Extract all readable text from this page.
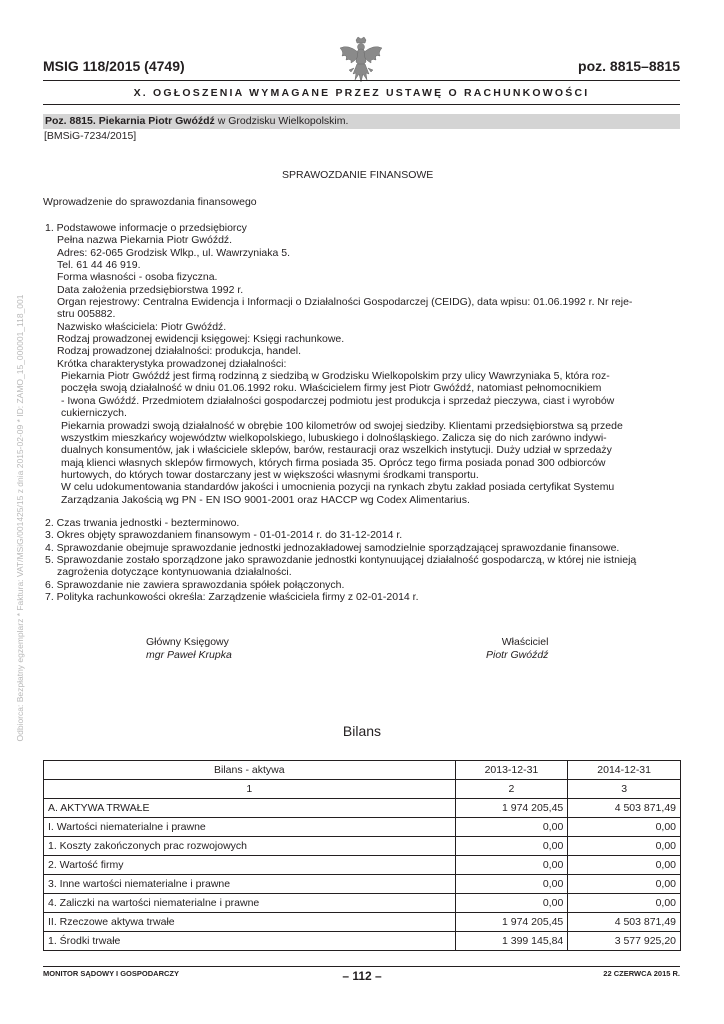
MSIG 118/2015 (4749)	poz. 8815–8815
X. OGŁOSZENIA WYMAGANE PRZEZ USTAWĘ O RACHUNKOWOŚCI
Poz. 8815. Piekarnia Piotr Gwóźdź w Grodzisku Wielkopolskim.
[BMSiG-7234/2015]
SPRAWOZDANIE FINANSOWE
Wprowadzenie do sprawozdania finansowego
1. Podstawowe informacje o przedsiębiorcy
Pełna nazwa Piekarnia Piotr Gwóźdź.
Adres: 62-065 Grodzisk Wlkp., ul. Wawrzyniaka 5.
Tel. 61 44 46 919.
Forma własności - osoba fizyczna.
Data założenia przedsiębiorstwa 1992 r.
Organ rejestrowy: Centralna Ewidencja i Informacji o Działalności Gospodarczej (CEIDG), data wpisu: 01.06.1992 r. Nr reje-
stru 005882.
Nazwisko właściciela: Piotr Gwóźdź.
Rodzaj prowadzonej ewidencji księgowej: Księgi rachunkowe.
Rodzaj prowadzonej działalności: produkcja, handel.
Krótka charakterystyka prowadzonej działalności:
Piekarnia Piotr Gwóźdź jest firmą rodzinną z siedzibą w Grodzisku Wielkopolskim przy ulicy Wawrzyniaka 5, która roz-
poczęła swoją działalność w dniu 01.06.1992 roku. Właścicielem firmy jest Piotr Gwóźdź, natomiast pełnomocnikiem
- Iwona Gwóźdź. Przedmiotem działalności gospodarczej podmiotu jest produkcja i sprzedaż pieczywa, ciast i wyrobów
cukierniczych.
Piekarnia prowadzi swoją działalność w obrębie 100 kilometrów od swojej siedziby. Klientami przedsiębiorstwa są przede
wszystkim mieszkańcy województw wielkopolskiego, lubuskiego i dolnośląskiego. Zalicza się do nich zarówno indywi-
dualnych konsumentów, jak i właściciele sklepów, barów, restauracji oraz wszelkich instytucji. Duży udział w sprzedaży
mają klienci własnych sklepów firmowych, których firma posiada 35. Oprócz tego firma posiada ponad 300 odbiorców
hurtowych, do których towar dostarczany jest w większości własnymi środkami transportu.
W celu udokumentowania standardów jakości i umocnienia pozycji na rynkach zbytu zakład posiada certyfikat Systemu
Zarządzania Jakością wg PN - EN ISO 9001-2001 oraz HACCP wg Codex Alimentarius.
2. Czas trwania jednostki - bezterminowo.
3. Okres objęty sprawozdaniem finansowym - 01-01-2014 r. do 31-12-2014 r.
4. Sprawozdanie obejmuje sprawozdanie jednostki jednozakładowej samodzielnie sporządzającej sprawozdanie finansowe.
5. Sprawozdanie zostało sporządzone jako sprawozdanie jednostki kontynuującej działalność gospodarczą, w której nie istnieją
zagrożenia dotyczące kontynuowania działalności.
6. Sprawozdanie nie zawiera sprawozdania spółek połączonych.
7. Polityka rachunkowości określa: Zarządzenie właściciela firmy z 02-01-2014 r.
Główny Księgowy
mgr Paweł Krupka
Właściciel
Piotr Gwóźdź
Bilans
Bilans - aktywa	2013-12-31	2014-12-31
1	2	3
A. AKTYWA TRWAŁE	1 974 205,45	4 503 871,49
I. Wartości niematerialne i prawne	0,00	0,00
1. Koszty zakończonych prac rozwojowych	0,00	0,00
2. Wartość firmy	0,00	0,00
3. Inne wartości niematerialne i prawne	0,00	0,00
4. Zaliczki na wartości niematerialne i prawne	0,00	0,00
II. Rzeczowe aktywa trwałe	1 974 205,45	4 503 871,49
1. Środki trwałe	1 399 145,84	3 577 925,20
MONITOR SĄDOWY I GOSPODARCZY	– 112 –	22 CZERWCA 2015 R.
Odbiorca: Bezpłatny egzemplarz * Faktura: VAT/MSiG/001425/15 z dnia 2015-02-09 * ID: ZAMO_15_000001_118_001
